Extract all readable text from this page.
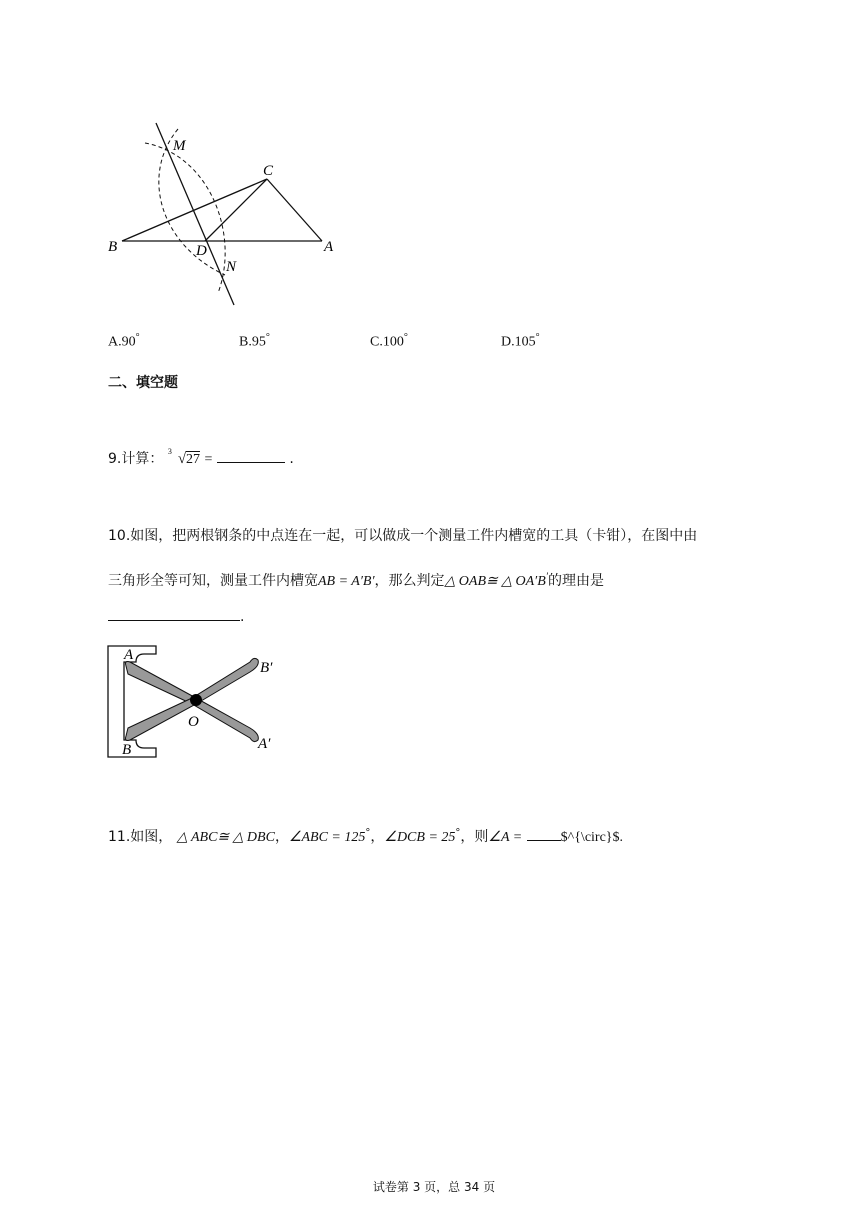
M
C
B	D	A
N
A.90°	B.95°	C.100°	D.105°
二、填空题
9.计算： 3 √27 =	.
10.如图，把两根钢条的中点连在一起，可以做成一个测量工件内槽宽的工具（卡钳），在图中由
三角形全等可知，测量工件内槽宽AB = A′B′，那么判定△ OAB≅ △ OA′B′的理由是
.
A
B′
O
A′
B
11.如图， △ ABC≅ △ DBC，∠ABC = 125°，∠DCB = 25°，则∠A =	$^{\circ}$.
试卷第 3 页，总 34 页
